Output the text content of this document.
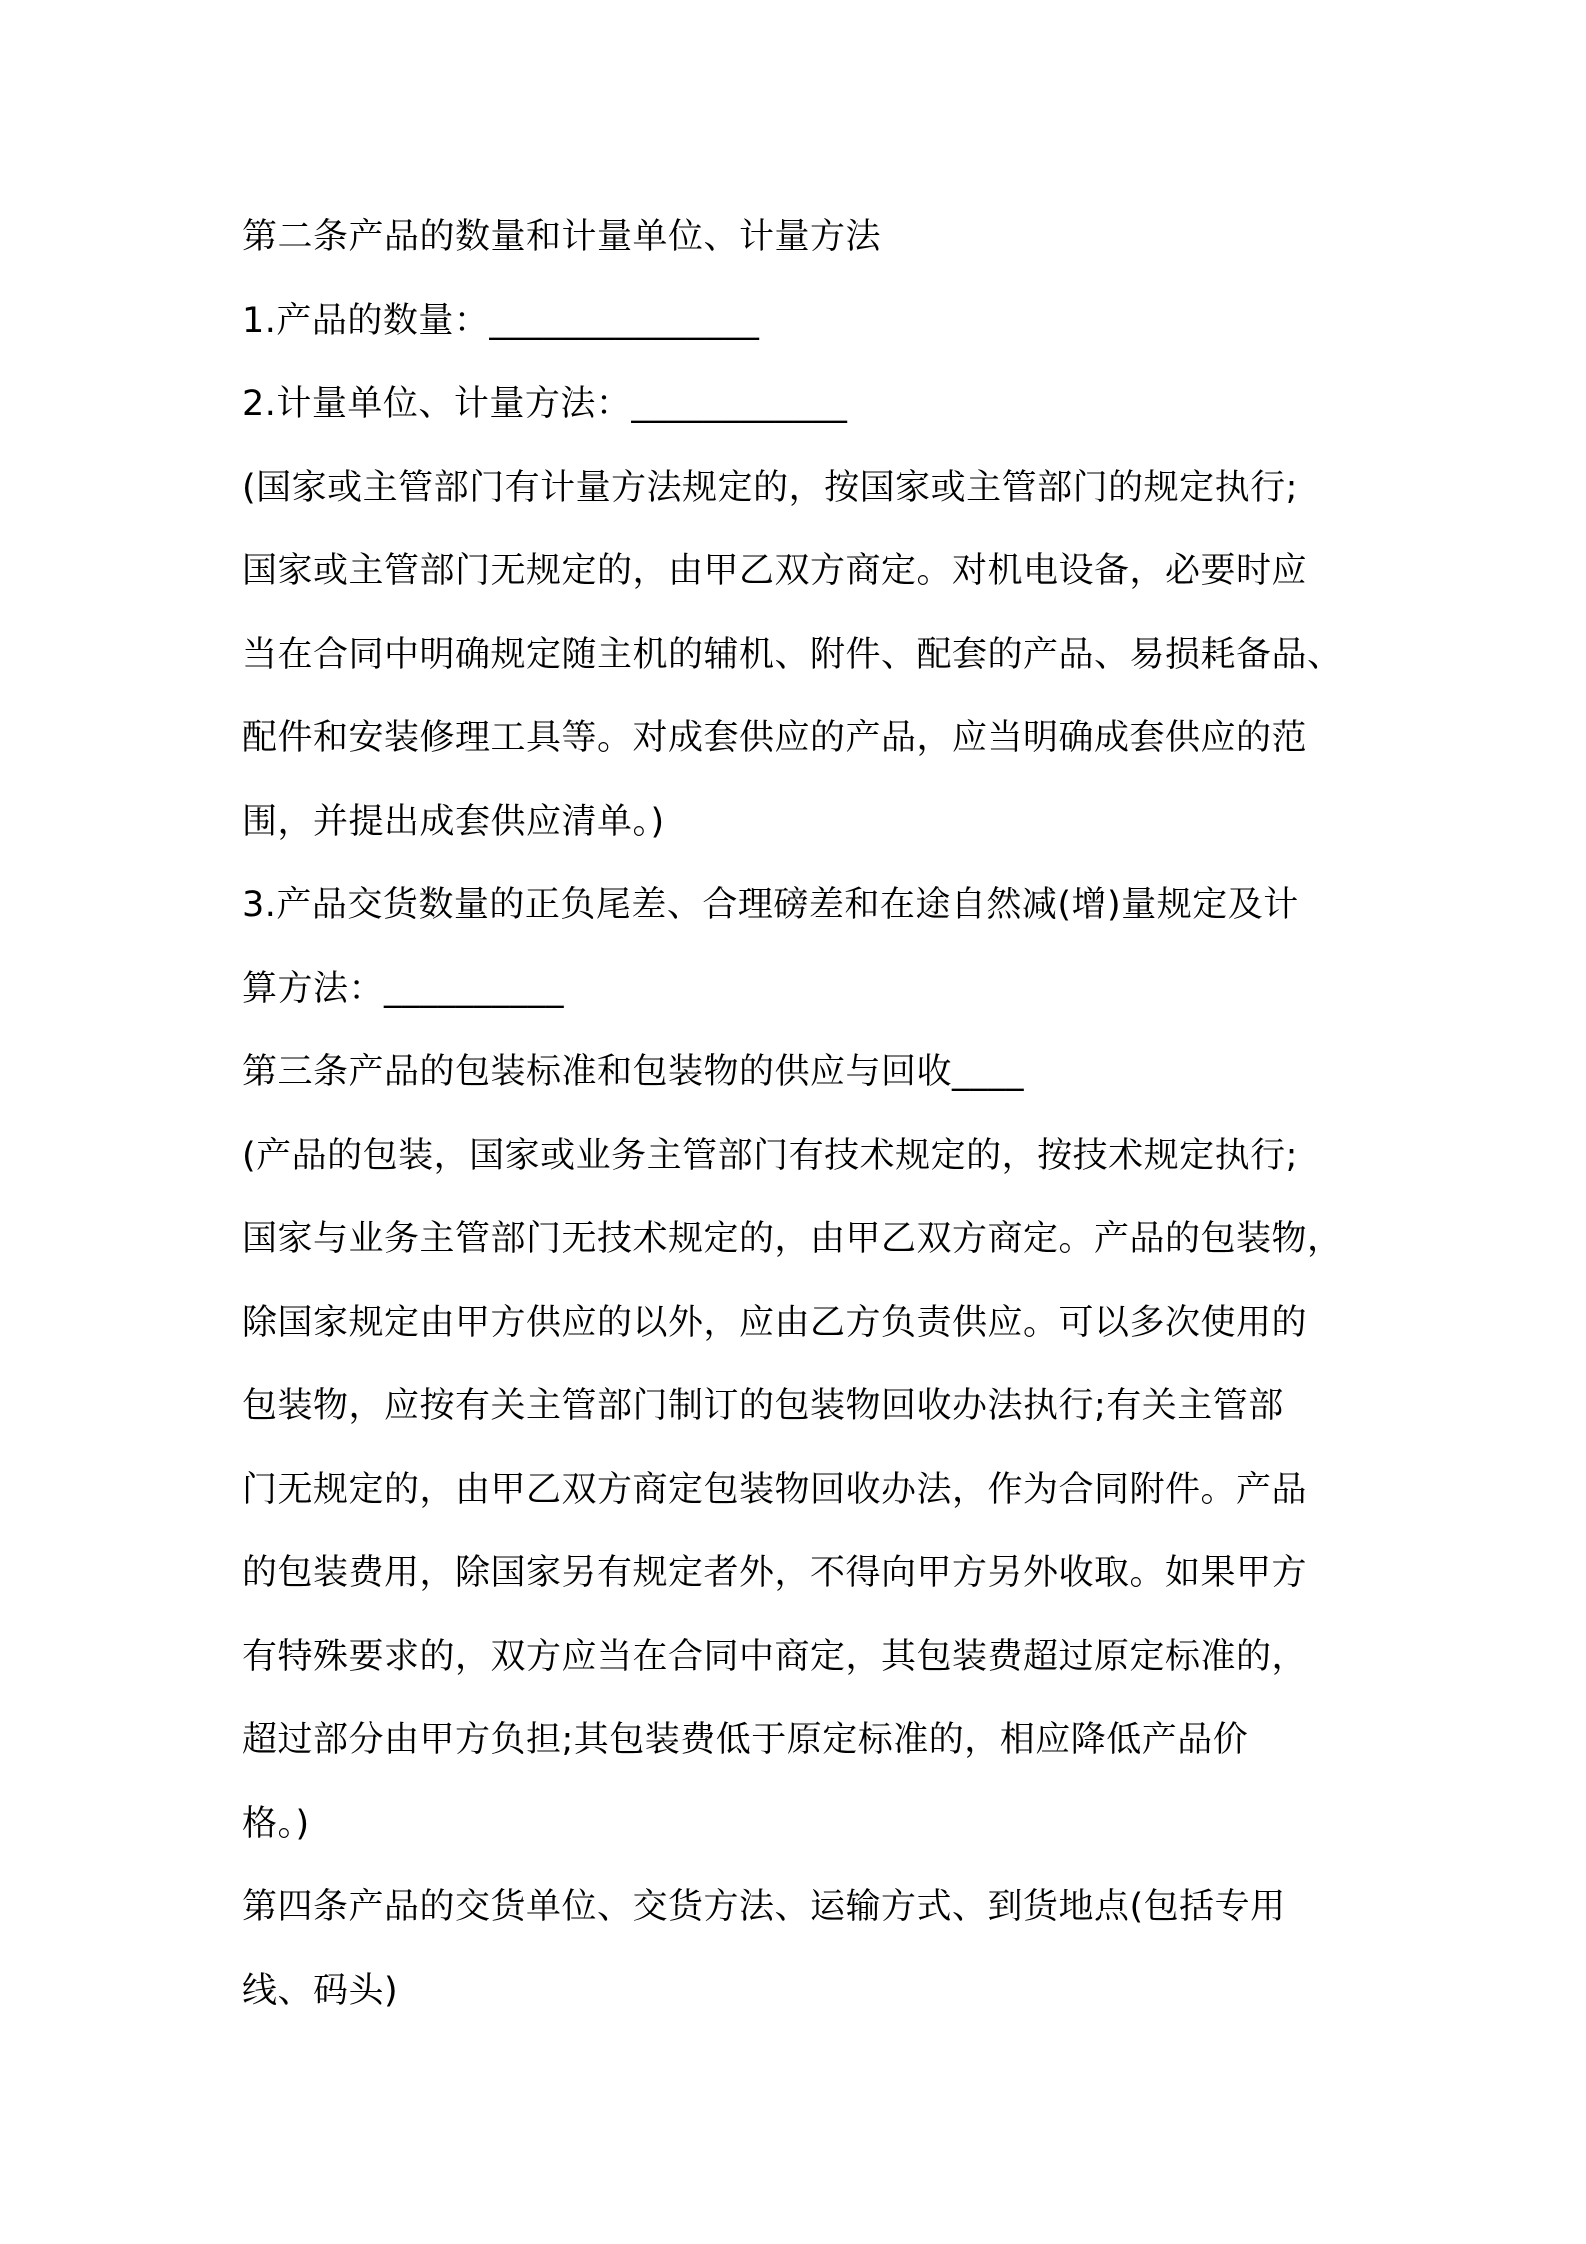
第二条产品的数量和计量单位、计量方法
1.产品的数量：_______________
2.计量单位、计量方法：____________
(国家或主管部门有计量方法规定的，按国家或主管部门的规定执行;
国家或主管部门无规定的，由甲乙双方商定。对机电设备，必要时应
当在合同中明确规定随主机的辅机、附件、配套的产品、易损耗备品、
配件和安装修理工具等。对成套供应的产品，应当明确成套供应的范
围，并提出成套供应清单。)
3.产品交货数量的正负尾差、合理磅差和在途自然减(增)量规定及计
算方法：__________
第三条产品的包装标准和包装物的供应与回收____
(产品的包装，国家或业务主管部门有技术规定的，按技术规定执行;
国家与业务主管部门无技术规定的，由甲乙双方商定。产品的包装物，
除国家规定由甲方供应的以外，应由乙方负责供应。可以多次使用的
包装物，应按有关主管部门制订的包装物回收办法执行;有关主管部
门无规定的，由甲乙双方商定包装物回收办法，作为合同附件。产品
的包装费用，除国家另有规定者外，不得向甲方另外收取。如果甲方
有特殊要求的，双方应当在合同中商定，其包装费超过原定标准的，
超过部分由甲方负担;其包装费低于原定标准的，相应降低产品价
格。)
第四条产品的交货单位、交货方法、运输方式、到货地点(包括专用
线、码头)
